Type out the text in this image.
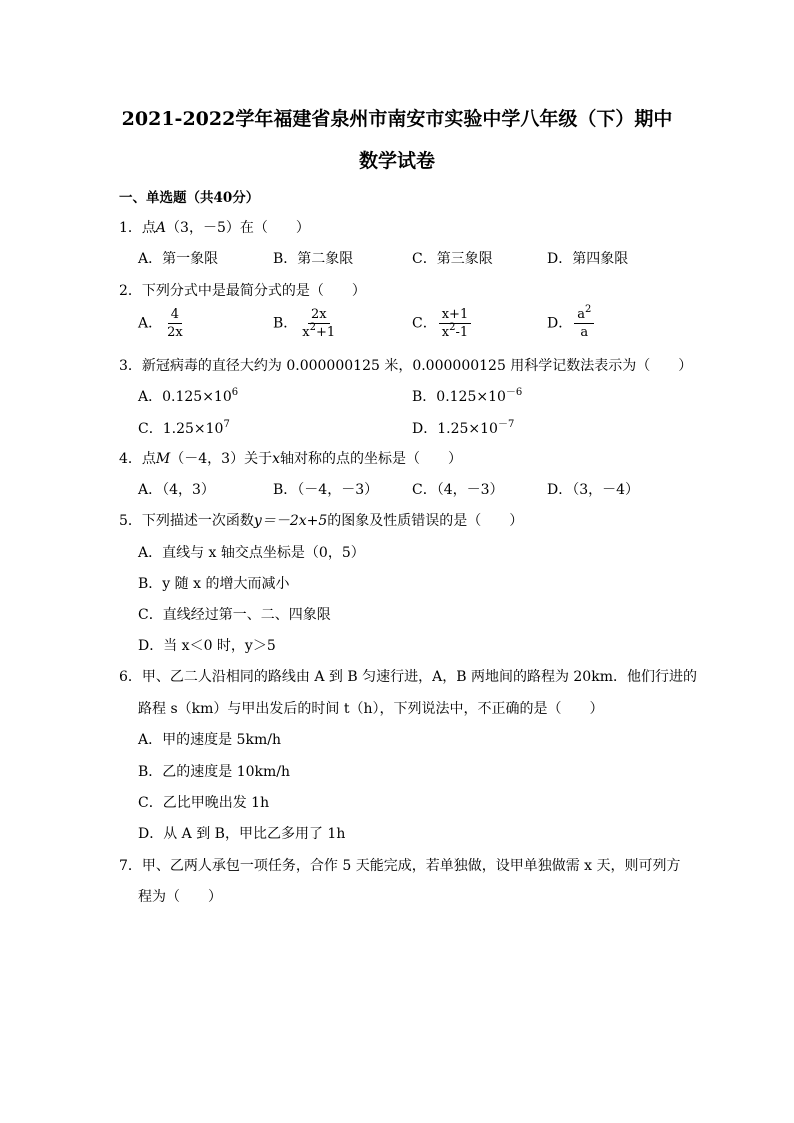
2021-2022学年福建省泉州市南安市实验中学八年级（下）期中
数学试卷
一、单选题（共40分）
1．点A（3，－5）在（　　）
A．第一象限	B．第二象限	C．第三象限	D．第四象限
2．下列分式中是最简分式的是（　　）
A． $\frac{4}{2x}$	B． $\frac{2x}{x^2+1}$	C． $\frac{x+1}{x^2-1}$	D． $\frac{a^2}{a}$
3．新冠病毒的直径大约为 0.000000125 米，0.000000125 用科学记数法表示为（　　）
A．$0.125\times 10^6$	B．$0.125\times 10^{-6}$
C．$1.25\times 10^7$	D．$1.25\times 10^{-7}$
4．点M（－4，3）关于x轴对称的点的坐标是（　　）
A．（4，3）	B．（－4，－3） C．（4，－3）	D．（3，－4）
5．下列描述一次函数y＝－2x+5的图象及性质错误的是（　　）
A．直线与 x 轴交点坐标是（0，5）
B．y 随 x 的增大而减小
C．直线经过第一、二、四象限
D．当 x＜0 时，y＞5
6．甲、乙二人沿相同的路线由 A 到 B 匀速行进，A，B 两地间的路程为 20km．他们行进的
路程 s（km）与甲出发后的时间 t（h），下列说法中，不正确的是（　　）
A．甲的速度是 5km/h
B．乙的速度是 10km/h
C．乙比甲晚出发 1h
D．从 A 到 B，甲比乙多用了 1h
7．甲、乙两人承包一项任务，合作 5 天能完成，若单独做，设甲单独做需 x 天，则可列方
程为（　　）
